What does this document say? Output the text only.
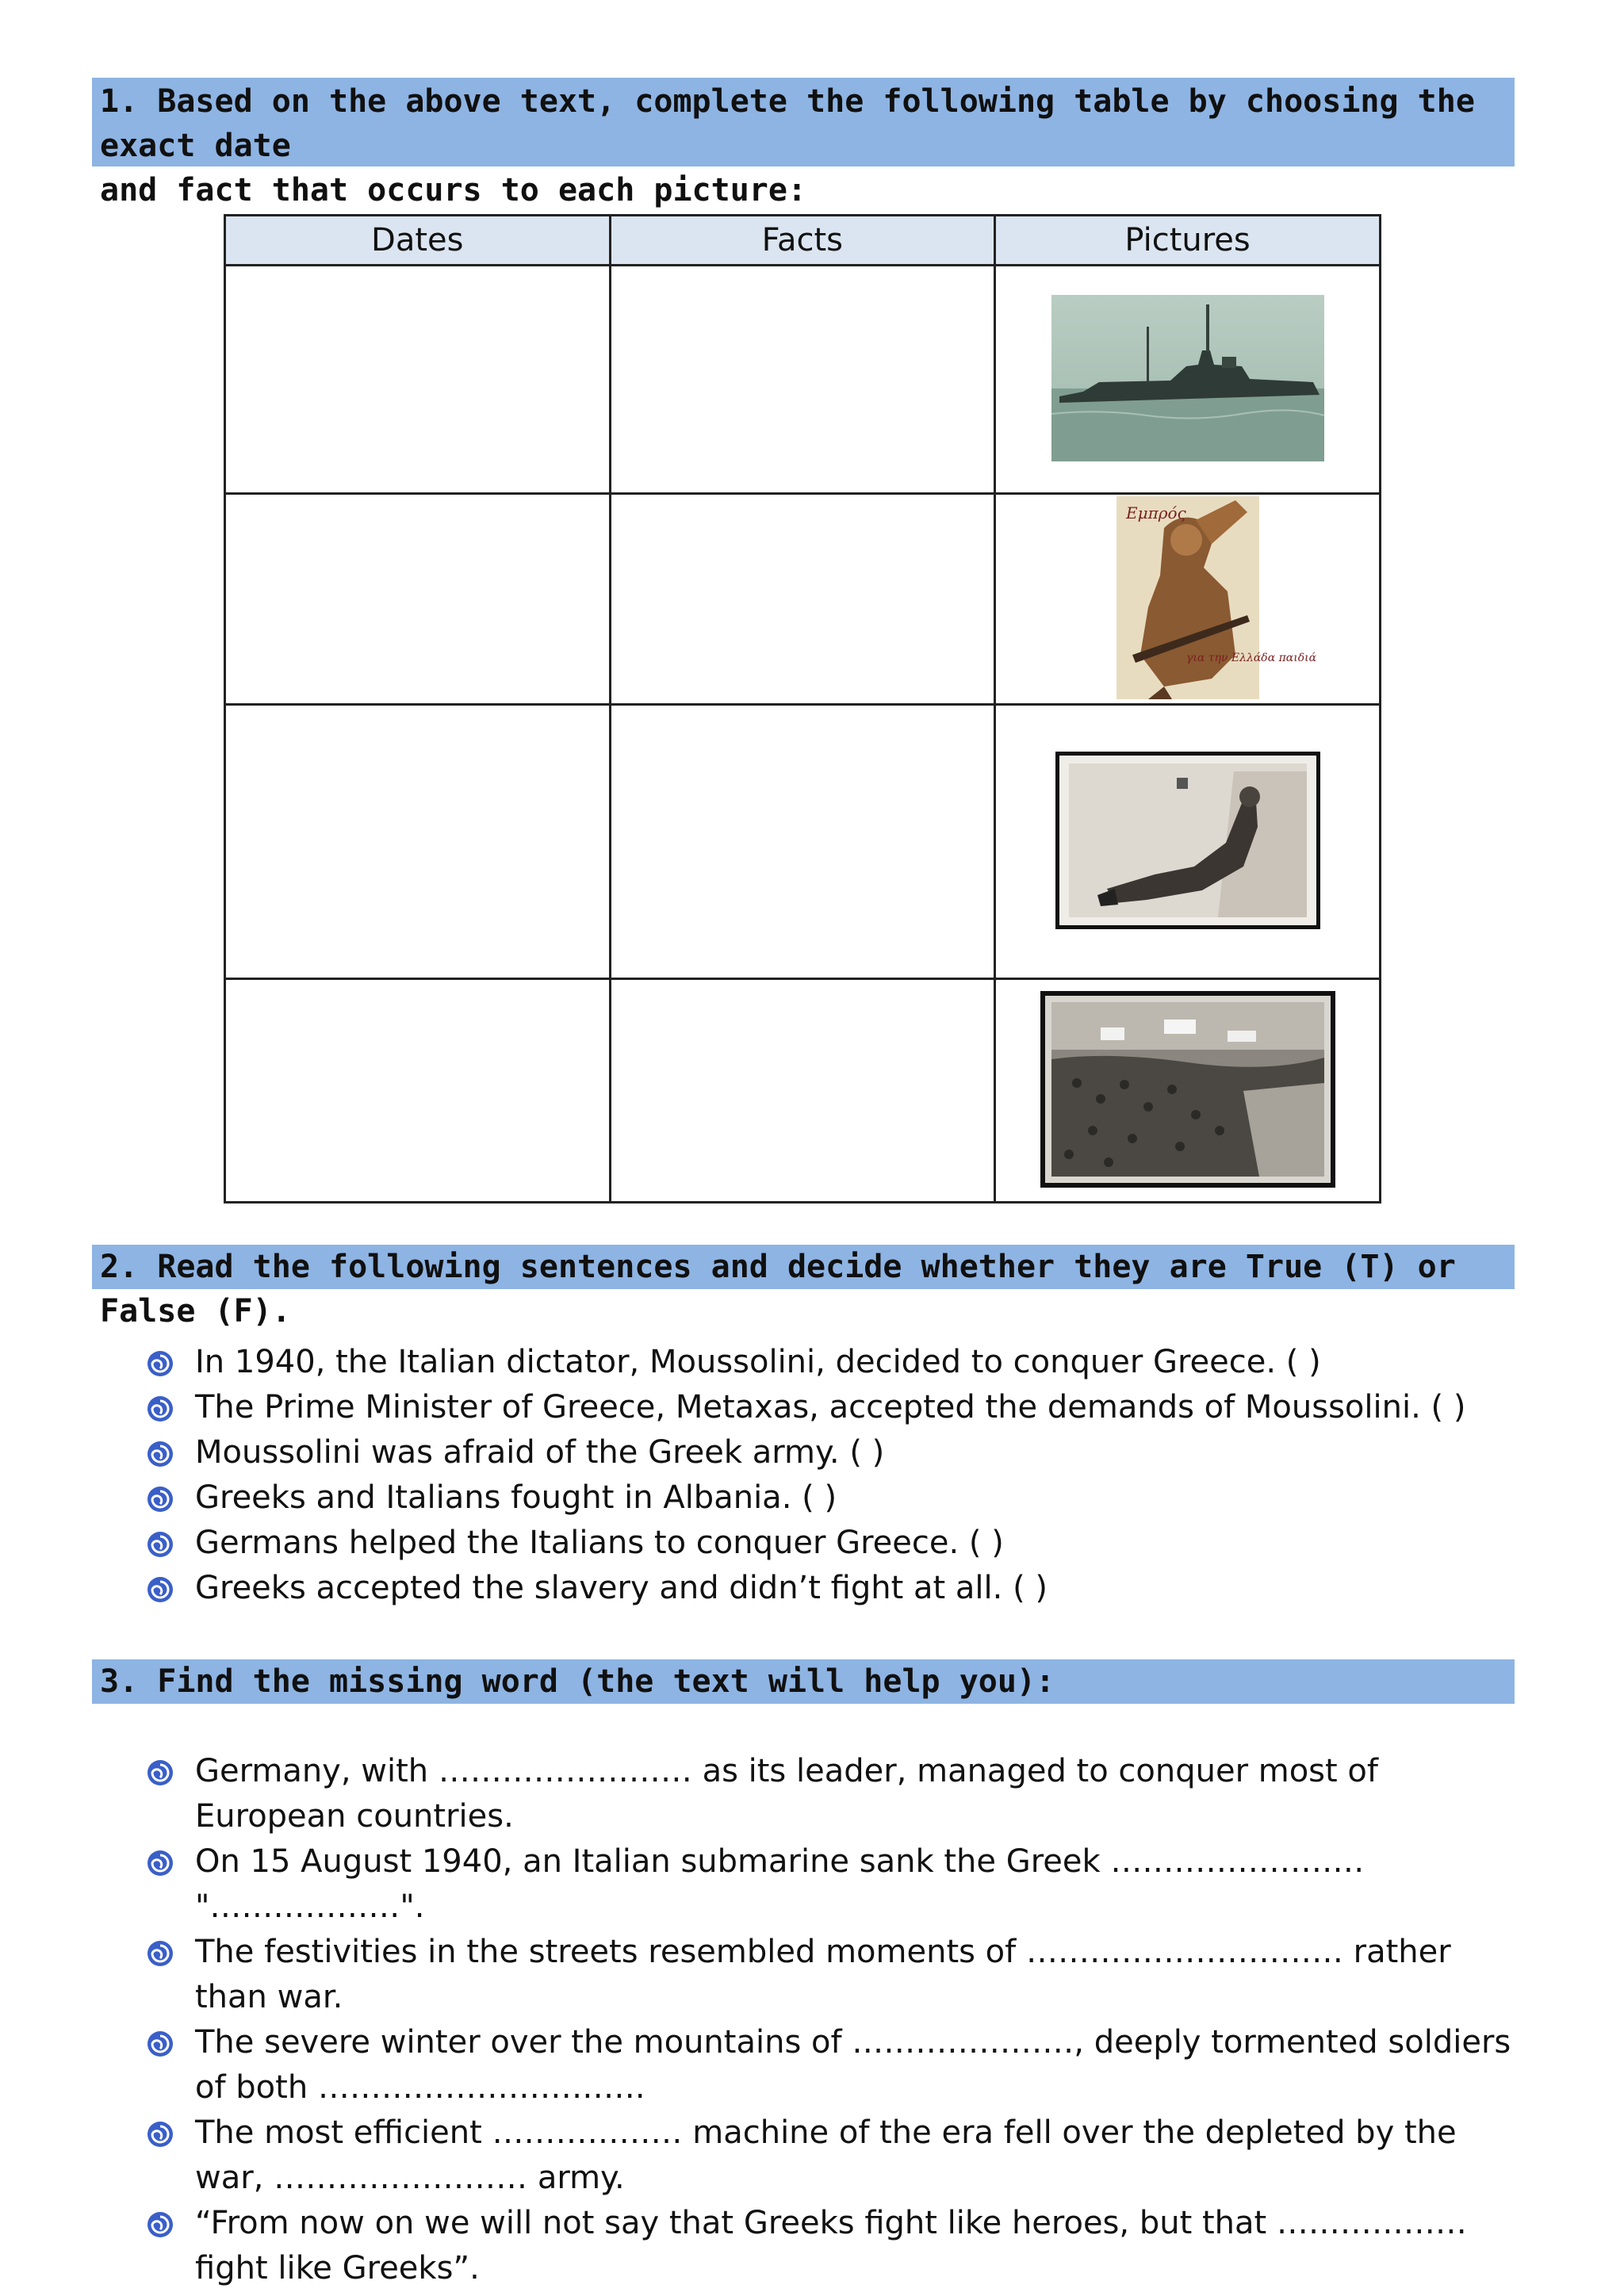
1. Based on the above text, complete the following table by choosing the exact date
and fact that occurs to each picture:
Dates	Facts	Pictures

Εμπρός
για την Ελλάδα παιδιά

2. Read the following sentences and decide whether they are True (T) or False (F).
In 1940, the Italian dictator, Moussolini, decided to conquer Greece. ( )
The Prime Minister of Greece, Metaxas, accepted the demands of Moussolini. ( )
Moussolini was afraid of the Greek army. ( )
Greeks and Italians fought in Albania. ( )
Germans helped the Italians to conquer Greece. ( )
Greeks accepted the slavery and didn’t fight at all. ( )
3. Find the missing word (the text will help you):
Germany, with …………………… as its leader, managed to conquer most of European countries.
On 15 August 1940, an Italian submarine sank the Greek …………………… "………………".
The festivities in the streets resembled moments of ………………………… rather than war.
The severe winter over the mountains of …………………, deeply tormented soldiers of both ………………………….
The most efficient ……………… machine of the era fell over the depleted by the war, …………………… army.
“From now on we will not say that Greeks fight like heroes, but that ……………… fight like Greeks”.
